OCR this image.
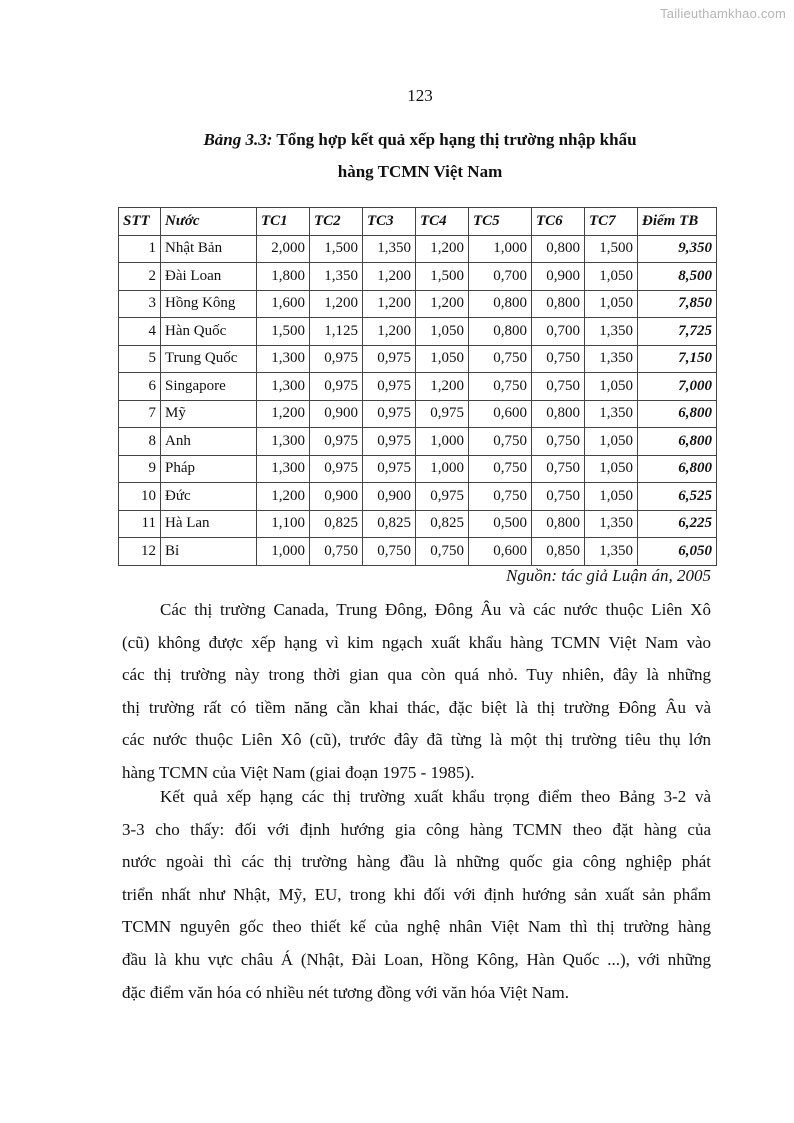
Tailieuthamkhao.com
123
Bảng 3.3: Tổng hợp kết quả xếp hạng thị trường nhập khẩu
hàng TCMN Việt Nam
STT	Nước	TC1	TC2	TC3	TC4	TC5	TC6	TC7	Điểm TB
1	Nhật Bản	2,000	1,500	1,350	1,200	1,000	0,800	1,500	9,350
2	Đài Loan	1,800	1,350	1,200	1,500	0,700	0,900	1,050	8,500
3	Hồng Kông	1,600	1,200	1,200	1,200	0,800	0,800	1,050	7,850
4	Hàn Quốc	1,500	1,125	1,200	1,050	0,800	0,700	1,350	7,725
5	Trung Quốc	1,300	0,975	0,975	1,050	0,750	0,750	1,350	7,150
6	Singapore	1,300	0,975	0,975	1,200	0,750	0,750	1,050	7,000
7	Mỹ	1,200	0,900	0,975	0,975	0,600	0,800	1,350	6,800
8	Anh	1,300	0,975	0,975	1,000	0,750	0,750	1,050	6,800
9	Pháp	1,300	0,975	0,975	1,000	0,750	0,750	1,050	6,800
10	Đức	1,200	0,900	0,900	0,975	0,750	0,750	1,050	6,525
11	Hà Lan	1,100	0,825	0,825	0,825	0,500	0,800	1,350	6,225
12	Bỉ	1,000	0,750	0,750	0,750	0,600	0,850	1,350	6,050
Nguồn: tác giả Luận án, 2005
Các thị trường Canada, Trung Đông, Đông Âu và các nước thuộc Liên Xô
(cũ) không được xếp hạng vì kim ngạch xuất khẩu hàng TCMN Việt Nam vào
các thị trường này trong thời gian qua còn quá nhỏ. Tuy nhiên, đây là những
thị trường rất có tiềm năng cần khai thác, đặc biệt là thị trường Đông Âu và
các nước thuộc Liên Xô (cũ), trước đây đã từng là một thị trường tiêu thụ lớn
hàng TCMN của Việt Nam (giai đoạn 1975 - 1985).
Kết quả xếp hạng các thị trường xuất khẩu trọng điểm theo Bảng 3-2 và
3-3 cho thấy: đối với định hướng gia công hàng TCMN theo đặt hàng của
nước ngoài thì các thị trường hàng đầu là những quốc gia công nghiệp phát
triển nhất như Nhật, Mỹ, EU, trong khi đối với định hướng sản xuất sản phẩm
TCMN nguyên gốc theo thiết kế của nghệ nhân Việt Nam thì thị trường hàng
đầu là khu vực châu Á (Nhật, Đài Loan, Hồng Kông, Hàn Quốc ...), với những
đặc điểm văn hóa có nhiều nét tương đồng với văn hóa Việt Nam.
